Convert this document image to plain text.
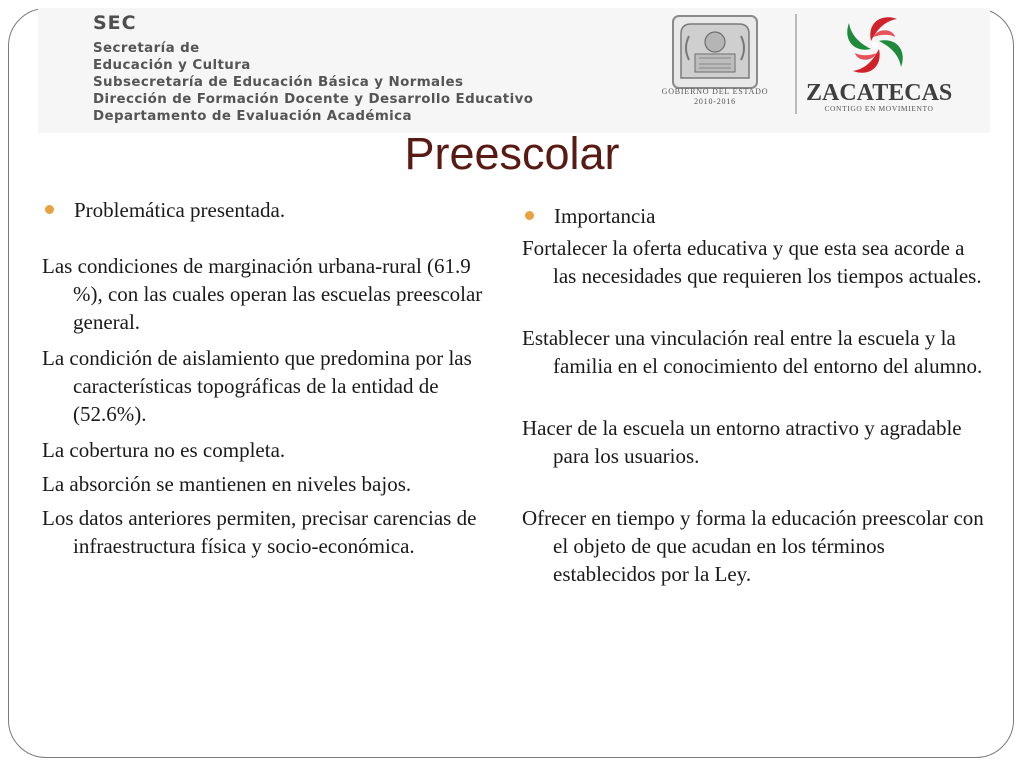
SEC
Secretaría de
Educación y Cultura
Subsecretaría de Educación Básica y Normales
Dirección de Formación Docente y Desarrollo Educativo
Departamento de Evaluación Académica
GOBIERNO DEL ESTADO
2010-2016	ZACATECAS
CONTIGO EN MOVIMIENTO
Preescolar
Problemática presentada.
Las condiciones de marginación urbana-rural (61.9 %), con las cuales operan las escuelas preescolar general.
La condición de aislamiento que predomina por las características topográficas de la entidad de (52.6%).
La cobertura no es completa.
La absorción se mantienen en niveles bajos.
Los datos anteriores permiten, precisar carencias de infraestructura física y socio-económica.
Importancia
Fortalecer la oferta educativa y que esta sea acorde a las necesidades que requieren los tiempos actuales.
Establecer una vinculación real entre la escuela y la familia en el conocimiento del entorno del alumno.
Hacer de la escuela un entorno atractivo y agradable para los usuarios.
Ofrecer en tiempo y forma la educación preescolar con el objeto de que acudan en los términos establecidos por la Ley.
